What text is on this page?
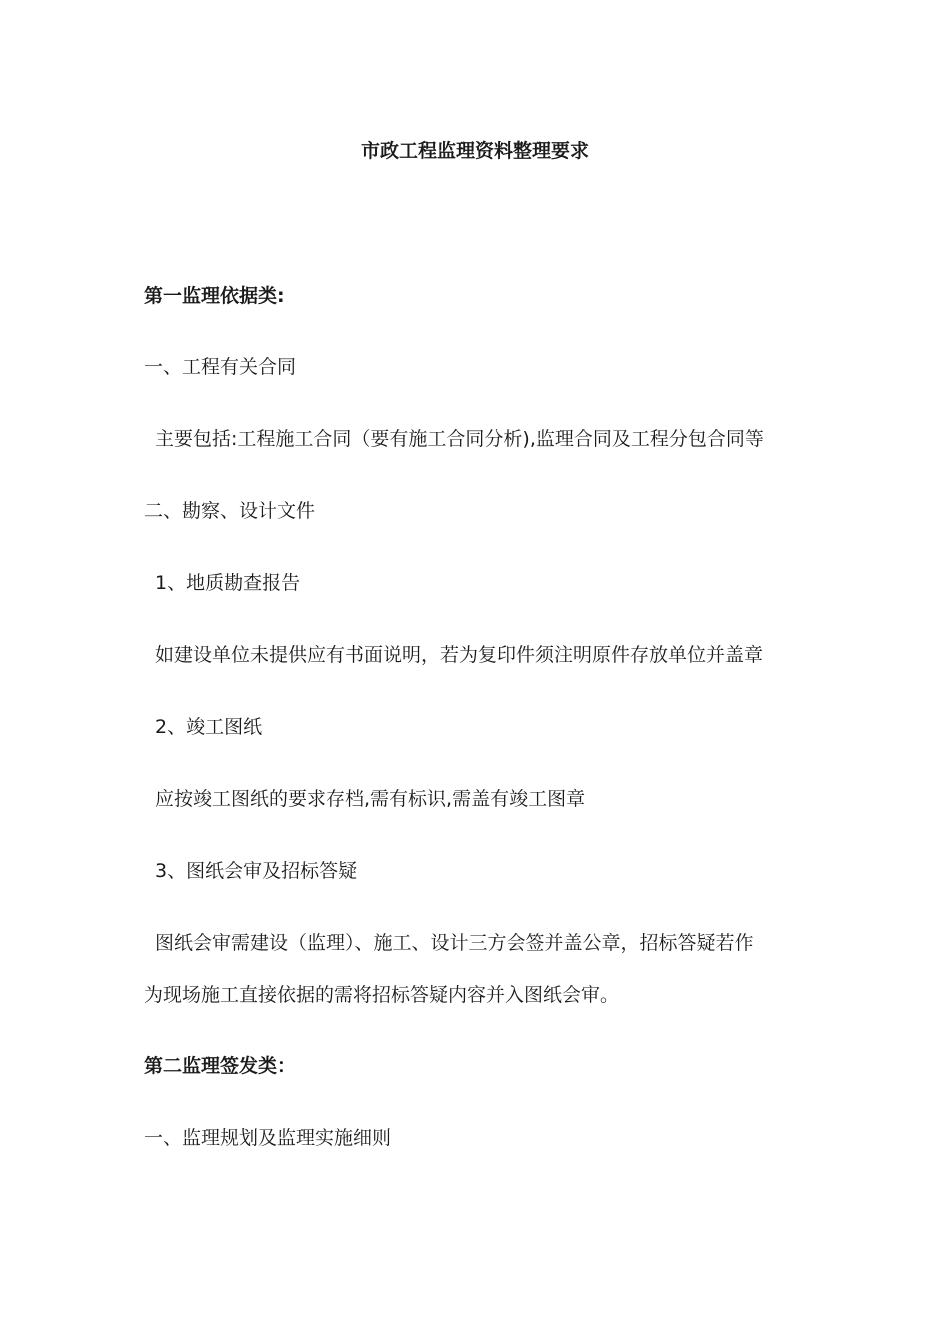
市政工程监理资料整理要求
第一监理依据类:
一、工程有关合同
主要包括:工程施工合同（要有施工合同分析),监理合同及工程分包合同等
二、勘察、设计文件
1、地质勘查报告
如建设单位未提供应有书面说明，若为复印件须注明原件存放单位并盖章
2、竣工图纸
应按竣工图纸的要求存档,需有标识,需盖有竣工图章
3、图纸会审及招标答疑
图纸会审需建设（监理）、施工、设计三方会签并盖公章，招标答疑若作
为现场施工直接依据的需将招标答疑内容并入图纸会审。
第二监理签发类：
一、监理规划及监理实施细则
